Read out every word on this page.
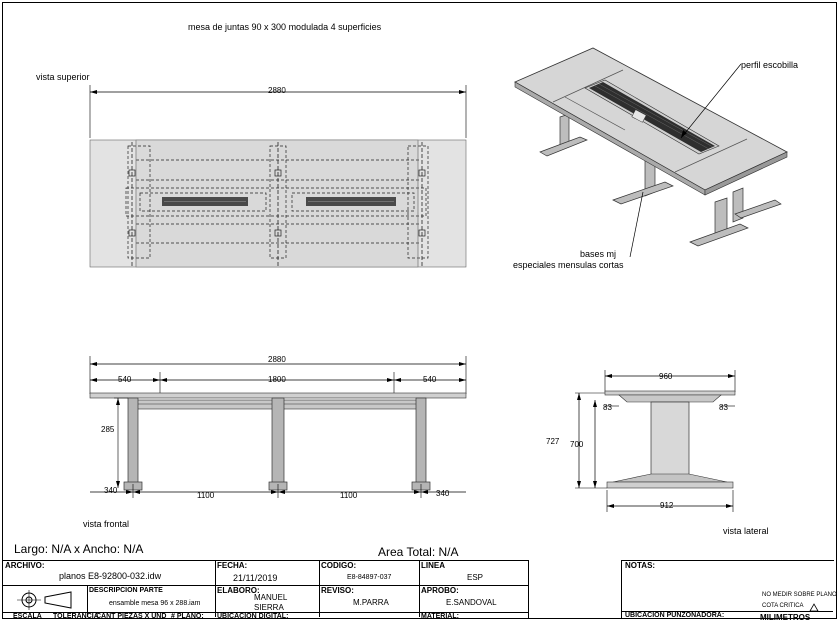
mesa de juntas 90 x 300 modulada 4 superficies
vista superior
vista frontal
vista lateral
2880
perfil escobilla
bases mj
especiales mensulas cortas
2880
540	1800	540
285
340
1100	1100	340
960
83	83
727 700
912
Largo: N/A x Ancho: N/A	Area Total: N/A
ARCHIVO:
planos E8-92800-032.idw
DESCRIPCION PARTE
ensamble mesa 96 x 288.iam
FECHA:
21/11/2019
ELABORO:
MANUEL
SIERRA
CODIGO:
E8-84897-037
REVISO:
M.PARRA
LINEA
ESP
APROBO:
E.SANDOVAL
ESCALA TOLERANCIA
CANT PIEZAS X UND # PLANO: UBICACION DIGITAL:	MATERIAL:
NOTAS:
NO MEDIR SOBRE PLANO
COTA CRITICA
UBICACION PUNZONADORA:	MILIMETROS
